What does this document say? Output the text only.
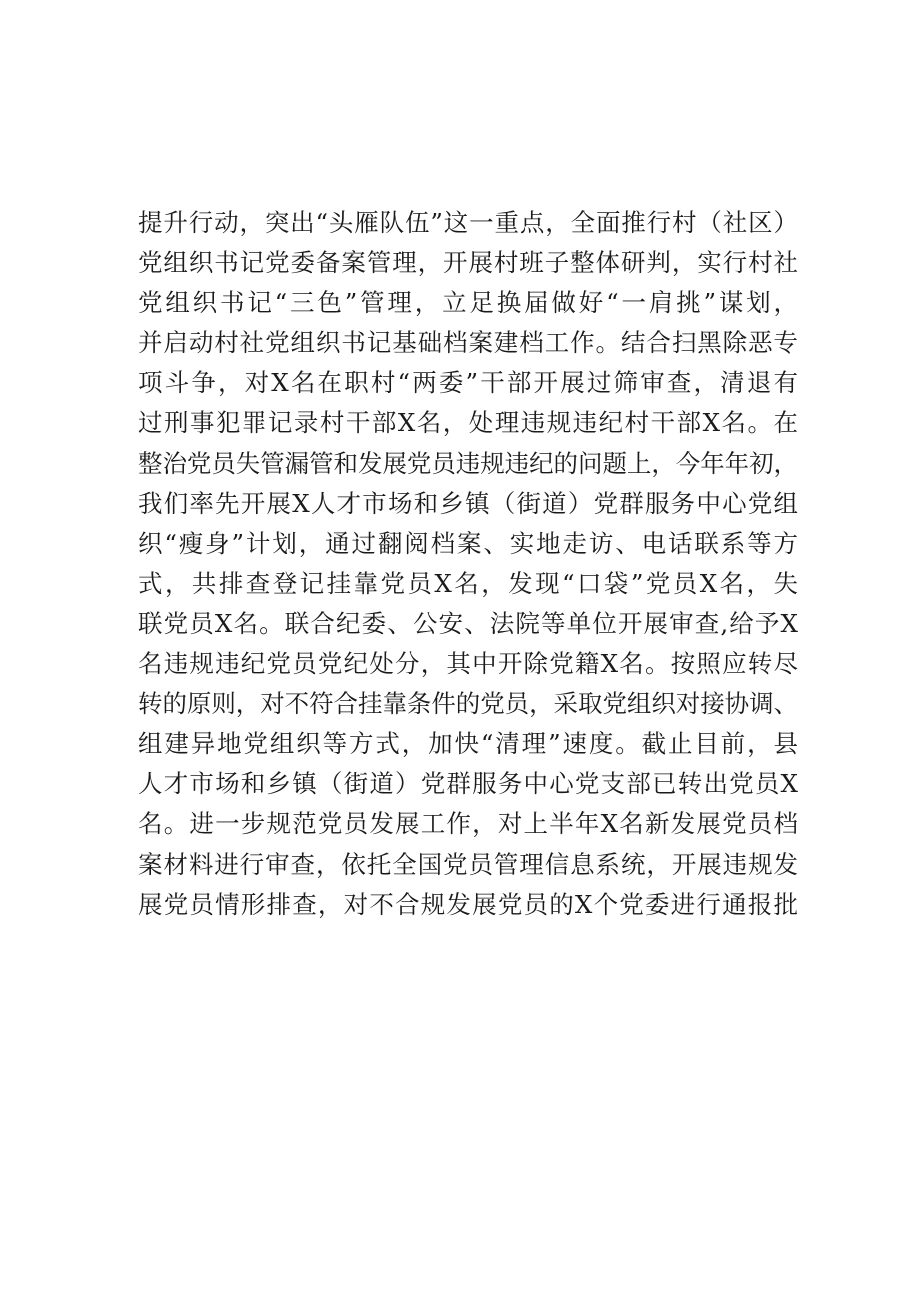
提升行动，突出“头雁队伍”这一重点，全面推行村（社区）
党组织书记党委备案管理，开展村班子整体研判，实行村社
党组织书记“三色”管理，立足换届做好“一肩挑”谋划，
并启动村社党组织书记基础档案建档工作。结合扫黑除恶专
项斗争，对X名在职村“两委”干部开展过筛审查，清退有
过刑事犯罪记录村干部X名，处理违规违纪村干部X名。在
整治党员失管漏管和发展党员违规违纪的问题上，今年年初，
我们率先开展X人才市场和乡镇（街道）党群服务中心党组
织“瘦身”计划，通过翻阅档案、实地走访、电话联系等方
式，共排查登记挂靠党员X名，发现“口袋”党员X名，失
联党员X名。联合纪委、公安、法院等单位开展审查,给予X
名违规违纪党员党纪处分，其中开除党籍X名。按照应转尽
转的原则，对不符合挂靠条件的党员，采取党组织对接协调、
组建异地党组织等方式，加快“清理”速度。截止目前，县
人才市场和乡镇（街道）党群服务中心党支部已转出党员X
名。进一步规范党员发展工作，对上半年X名新发展党员档
案材料进行审查，依托全国党员管理信息系统，开展违规发
展党员情形排查，对不合规发展党员的X个党委进行通报批
